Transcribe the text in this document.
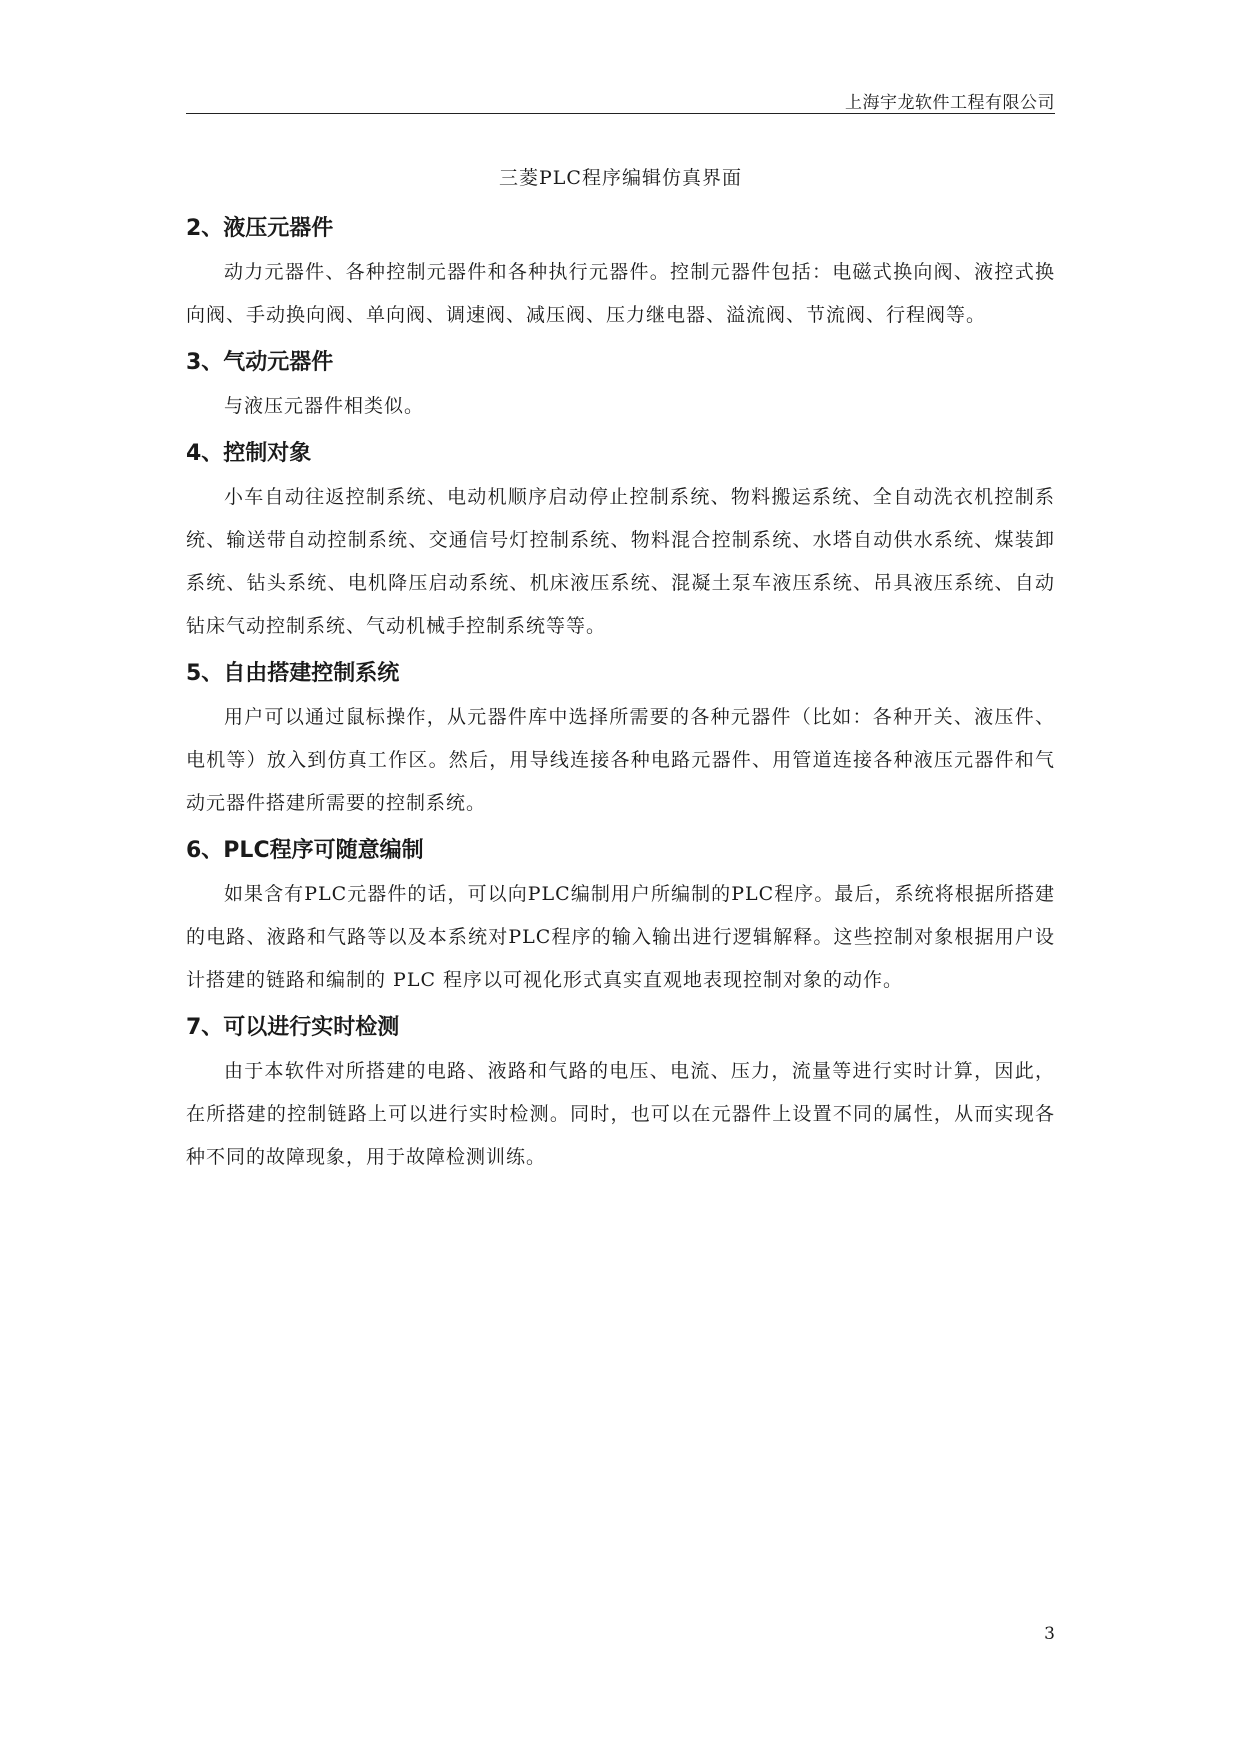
上海宇龙软件工程有限公司
三菱PLC程序编辑仿真界面
2、液压元器件

动力元器件、各种控制元器件和各种执行元器件。控制元器件包括：电磁式换向阀、液控式换向阀、手动换向阀、单向阀、调速阀、减压阀、压力继电器、溢流阀、节流阀、行程阀等。

3、气动元器件

与液压元器件相类似。

4、控制对象

小车自动往返控制系统、电动机顺序启动停止控制系统、物料搬运系统、全自动洗衣机控制系统、输送带自动控制系统、交通信号灯控制系统、物料混合控制系统、水塔自动供水系统、煤装卸系统、钻头系统、电机降压启动系统、机床液压系统、混凝土泵车液压系统、吊具液压系统、自动钻床气动控制系统、气动机械手控制系统等等。

5、自由搭建控制系统

用户可以通过鼠标操作，从元器件库中选择所需要的各种元器件（比如：各种开关、液压件、电机等）放入到仿真工作区。然后，用导线连接各种电路元器件、用管道连接各种液压元器件和气动元器件搭建所需要的控制系统。

6、PLC程序可随意编制

如果含有PLC元器件的话，可以向PLC编制用户所编制的PLC程序。最后，系统将根据所搭建的电路、液路和气路等以及本系统对PLC程序的输入输出进行逻辑解释。这些控制对象根据用户设计搭建的链路和编制的 PLC 程序以可视化形式真实直观地表现控制对象的动作。

7、可以进行实时检测

由于本软件对所搭建的电路、液路和气路的电压、电流、压力，流量等进行实时计算，因此，在所搭建的控制链路上可以进行实时检测。同时，也可以在元器件上设置不同的属性，从而实现各种不同的故障现象，用于故障检测训练。

3
